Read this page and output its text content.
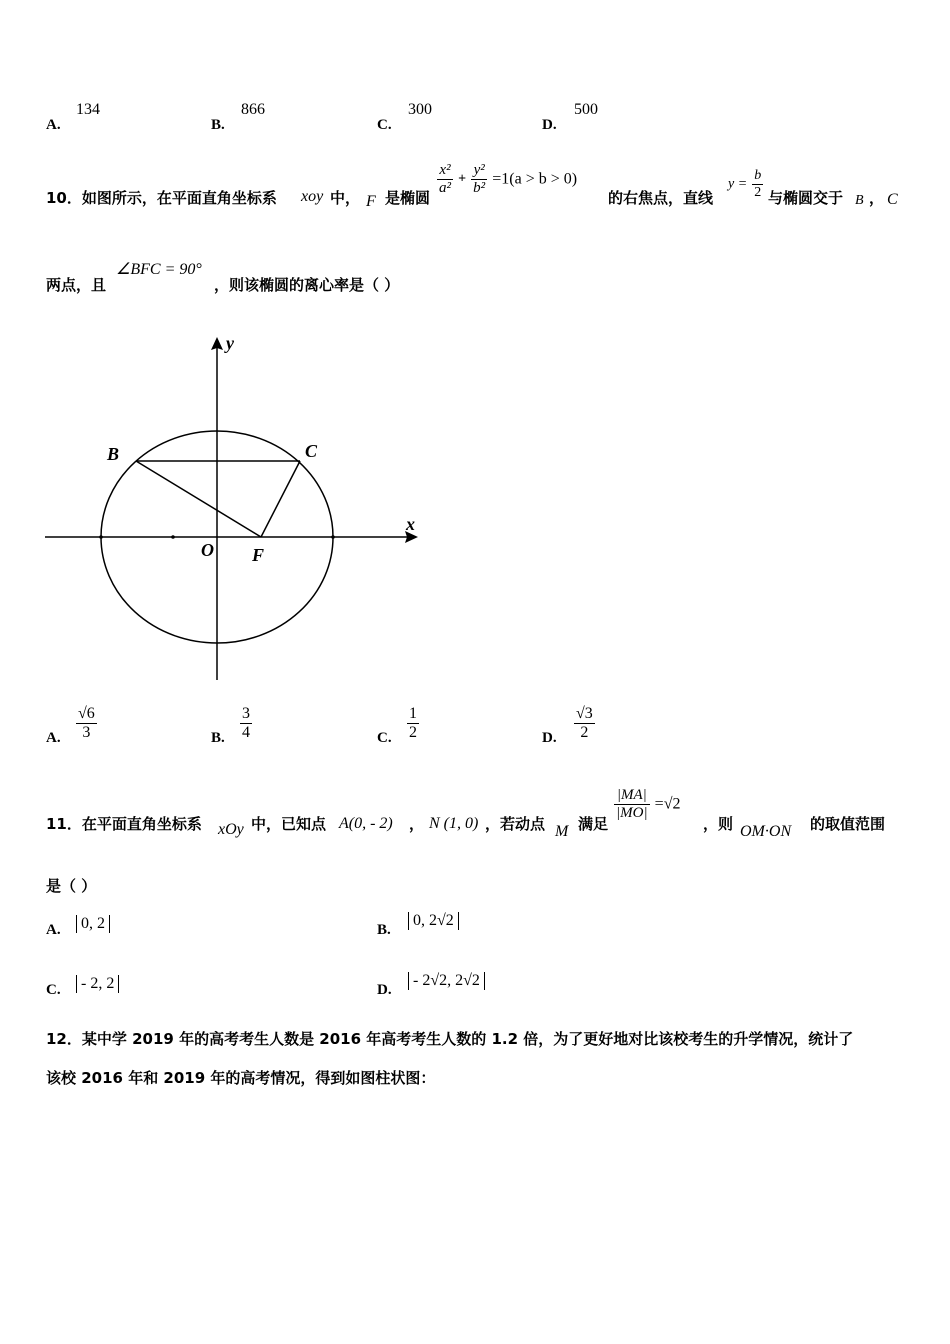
A.
134
B.
866
C.
300
D.
500
10．如图所示，在平面直角坐标系 xoy 中， F 是椭圆
$\frac{\text{x²}}{\text{a²}} + \frac{\text{y²}}{\text{b²}} =1(a > b > 0)$
的右焦点，直线
$y = \frac{b}{2}$ 与椭圆交于 B ， C
两点，且
∠BFC = 90°
，则该椭圆的离心率是（ ）
y
x
B	C
O F
A. $\frac{√6}{3}$	B. $\frac{3}{4}$	C. $\frac{1}{2}$	D. $\frac{√3}{2}$
11．在平面直角坐标系 xOy 中，已知点 A(0, - 2) ， N (1, 0) ，若动点 M 满足
$\frac{|MA|}{|MO|} =√2$
，则 OM·ON 的取值范围
是（ ）
A.	0, 2	B.
0, 2√2
C.	- 2, 2	D.
- 2√2, 2√2
12．某中学 2019 年的高考考生人数是 2016 年高考考生人数的 1.2 倍，为了更好地对比该校考生的升学情况，统计了
该校 2016 年和 2019 年的高考情况，得到如图柱状图：
